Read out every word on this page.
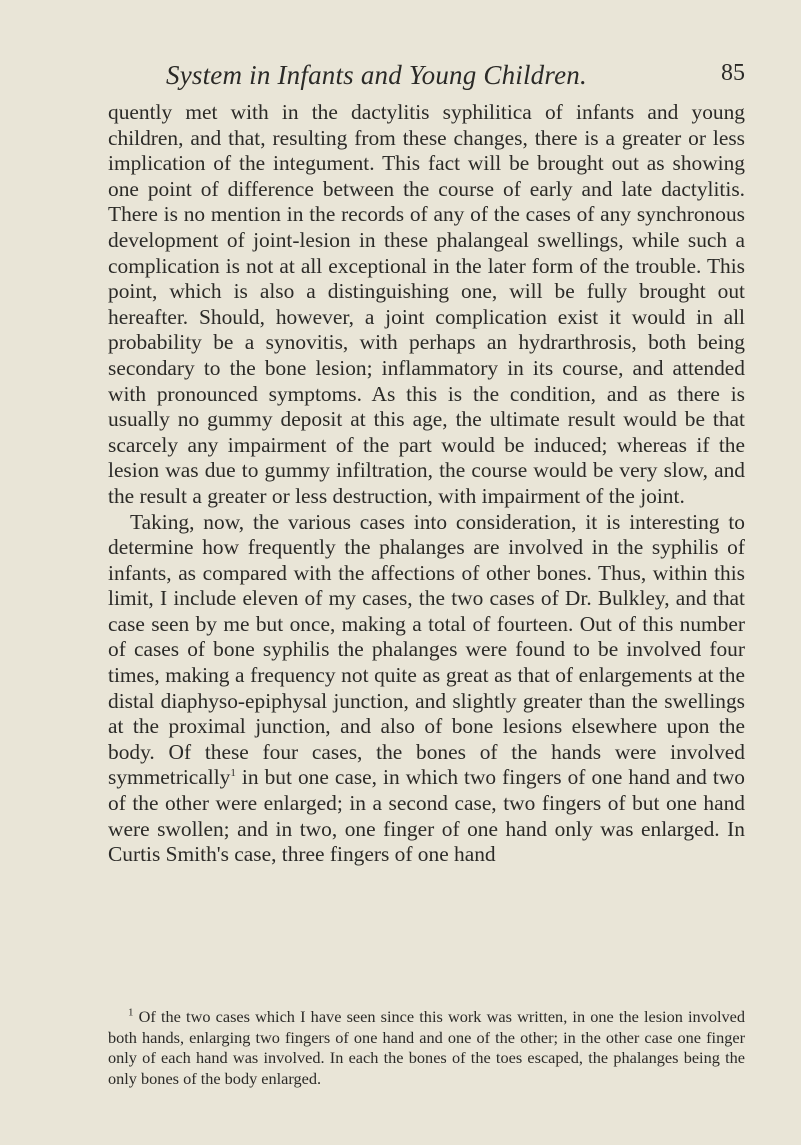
System in Infants and Young Children.	85

quently met with in the dactylitis syphilitica of infants and young children, and that, resulting from these changes, there is a greater or less implication of the integument. This fact will be brought out as showing one point of difference between the course of early and late dactylitis. There is no mention in the records of any of the cases of any synchronous development of joint-lesion in these phalangeal swellings, while such a complication is not at all exceptional in the later form of the trouble. This point, which is also a distinguishing one, will be fully brought out hereafter. Should, however, a joint complication exist it would in all probability be a synovitis, with perhaps an hydrarthrosis, both being secondary to the bone lesion; inflammatory in its course, and attended with pronounced symptoms. As this is the condition, and as there is usually no gummy deposit at this age, the ultimate result would be that scarcely any impairment of the part would be induced; whereas if the lesion was due to gummy infiltration, the course would be very slow, and the result a greater or less destruction, with impairment of the joint.

Taking, now, the various cases into consideration, it is interesting to determine how frequently the phalanges are involved in the syphilis of infants, as compared with the affections of other bones. Thus, within this limit, I include eleven of my cases, the two cases of Dr. Bulkley, and that case seen by me but once, making a total of fourteen. Out of this number of cases of bone syphilis the phalanges were found to be involved four times, making a frequency not quite as great as that of enlargements at the distal diaphyso-epiphysal junction, and slightly greater than the swellings at the proximal junction, and also of bone lesions elsewhere upon the body. Of these four cases, the bones of the hands were involved symmetrically$^1$ in but one case, in which two fingers of one hand and two of the other were enlarged; in a second case, two fingers of but one hand were swollen; and in two, one finger of one hand only was enlarged. In Curtis Smith's case, three fingers of one hand

$^1$ Of the two cases which I have seen since this work was written, in one the lesion involved both hands, enlarging two fingers of one hand and one of the other; in the other case one finger only of each hand was involved. In each the bones of the toes escaped, the phalanges being the only bones of the body enlarged.
